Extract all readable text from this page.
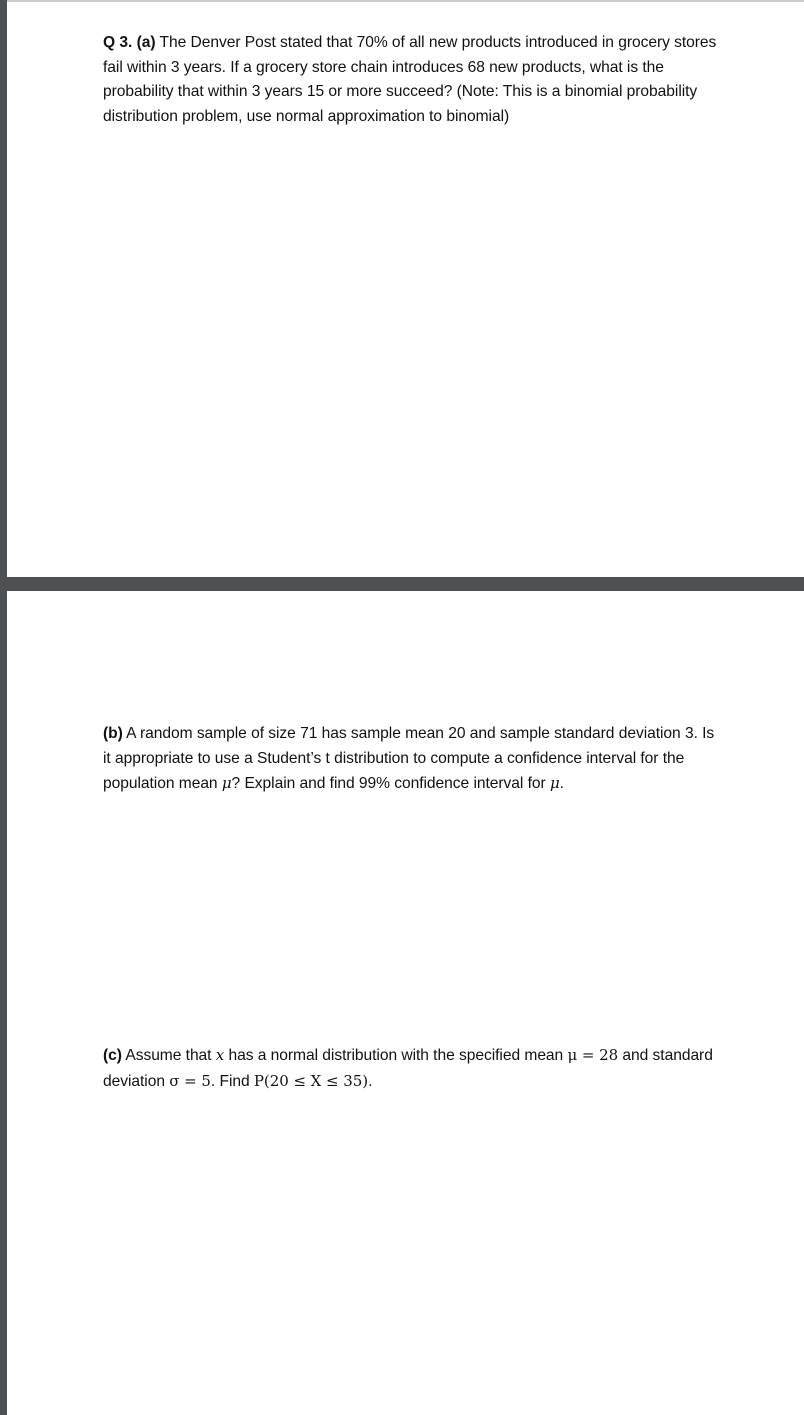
Q 3. (a) The Denver Post stated that 70% of all new products introduced in grocery stores fail within 3 years. If a grocery store chain introduces 68 new products, what is the probability that within 3 years 15 or more succeed? (Note: This is a binomial probability distribution problem, use normal approximation to binomial)

(b) A random sample of size 71 has sample mean 20 and sample standard deviation 3. Is it appropriate to use a Student’s t distribution to compute a confidence interval for the population mean μ? Explain and find 99% confidence interval for μ.

(c) Assume that x has a normal distribution with the specified mean μ = 28 and standard deviation σ = 5. Find P(20 ≤ X ≤ 35).
